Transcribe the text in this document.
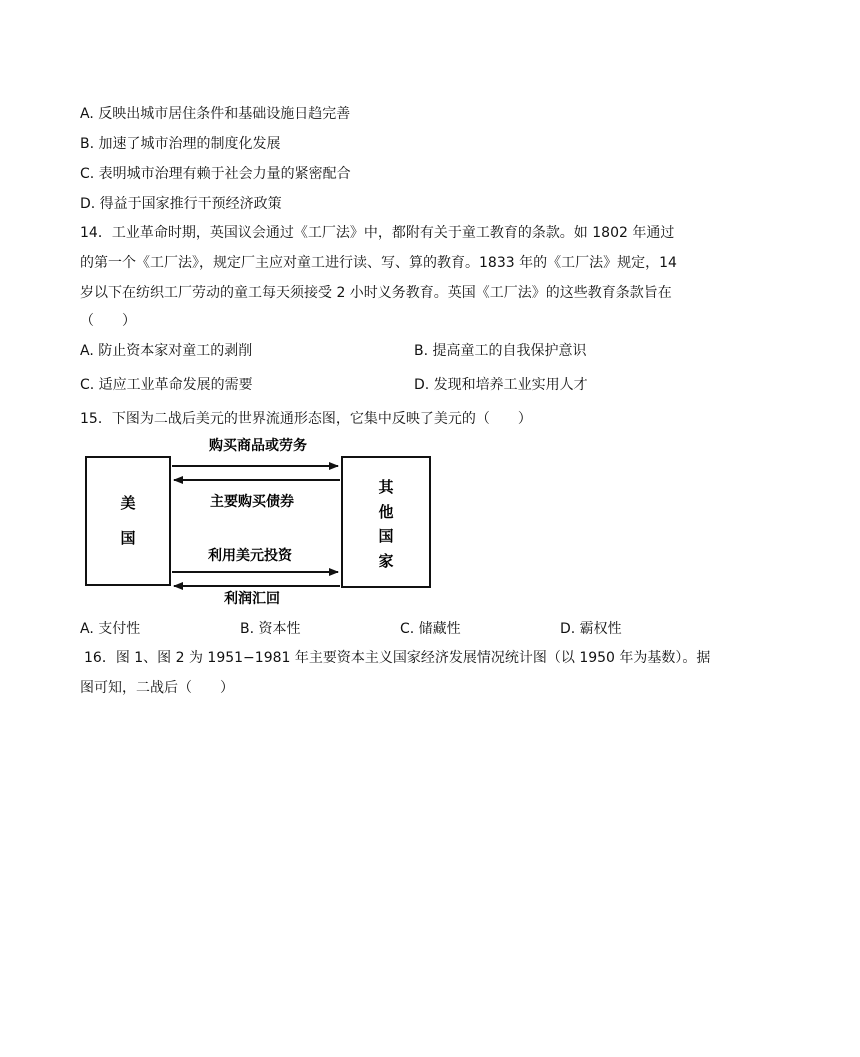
A. 反映出城市居住条件和基础设施日趋完善
B. 加速了城市治理的制度化发展
C. 表明城市治理有赖于社会力量的紧密配合
D. 得益于国家推行干预经济政策
14．工业革命时期，英国议会通过《工厂法》中，都附有关于童工教育的条款。如 1802 年通过
的第一个《工厂法》，规定厂主应对童工进行读、写、算的教育。1833 年的《工厂法》规定，14
岁以下在纺织工厂劳动的童工每天须接受 2 小时义务教育。英国《工厂法》的这些教育条款旨在
（　　）
A. 防止资本家对童工的剥削	B. 提高童工的自我保护意识
C. 适应工业革命发展的需要	D. 发现和培养工业实用人才
15．下图为二战后美元的世界流通形态图，它集中反映了美元的（　　）
美
国
其
他
国
家
购买商品或劳务
主要购买债券
利用美元投资
利润汇回
A. 支付性	B. 资本性	C. 储藏性	D. 霸权性
16．图 1、图 2 为 1951−1981 年主要资本主义国家经济发展情况统计图（以 1950 年为基数）。据
图可知，二战后（　　）
